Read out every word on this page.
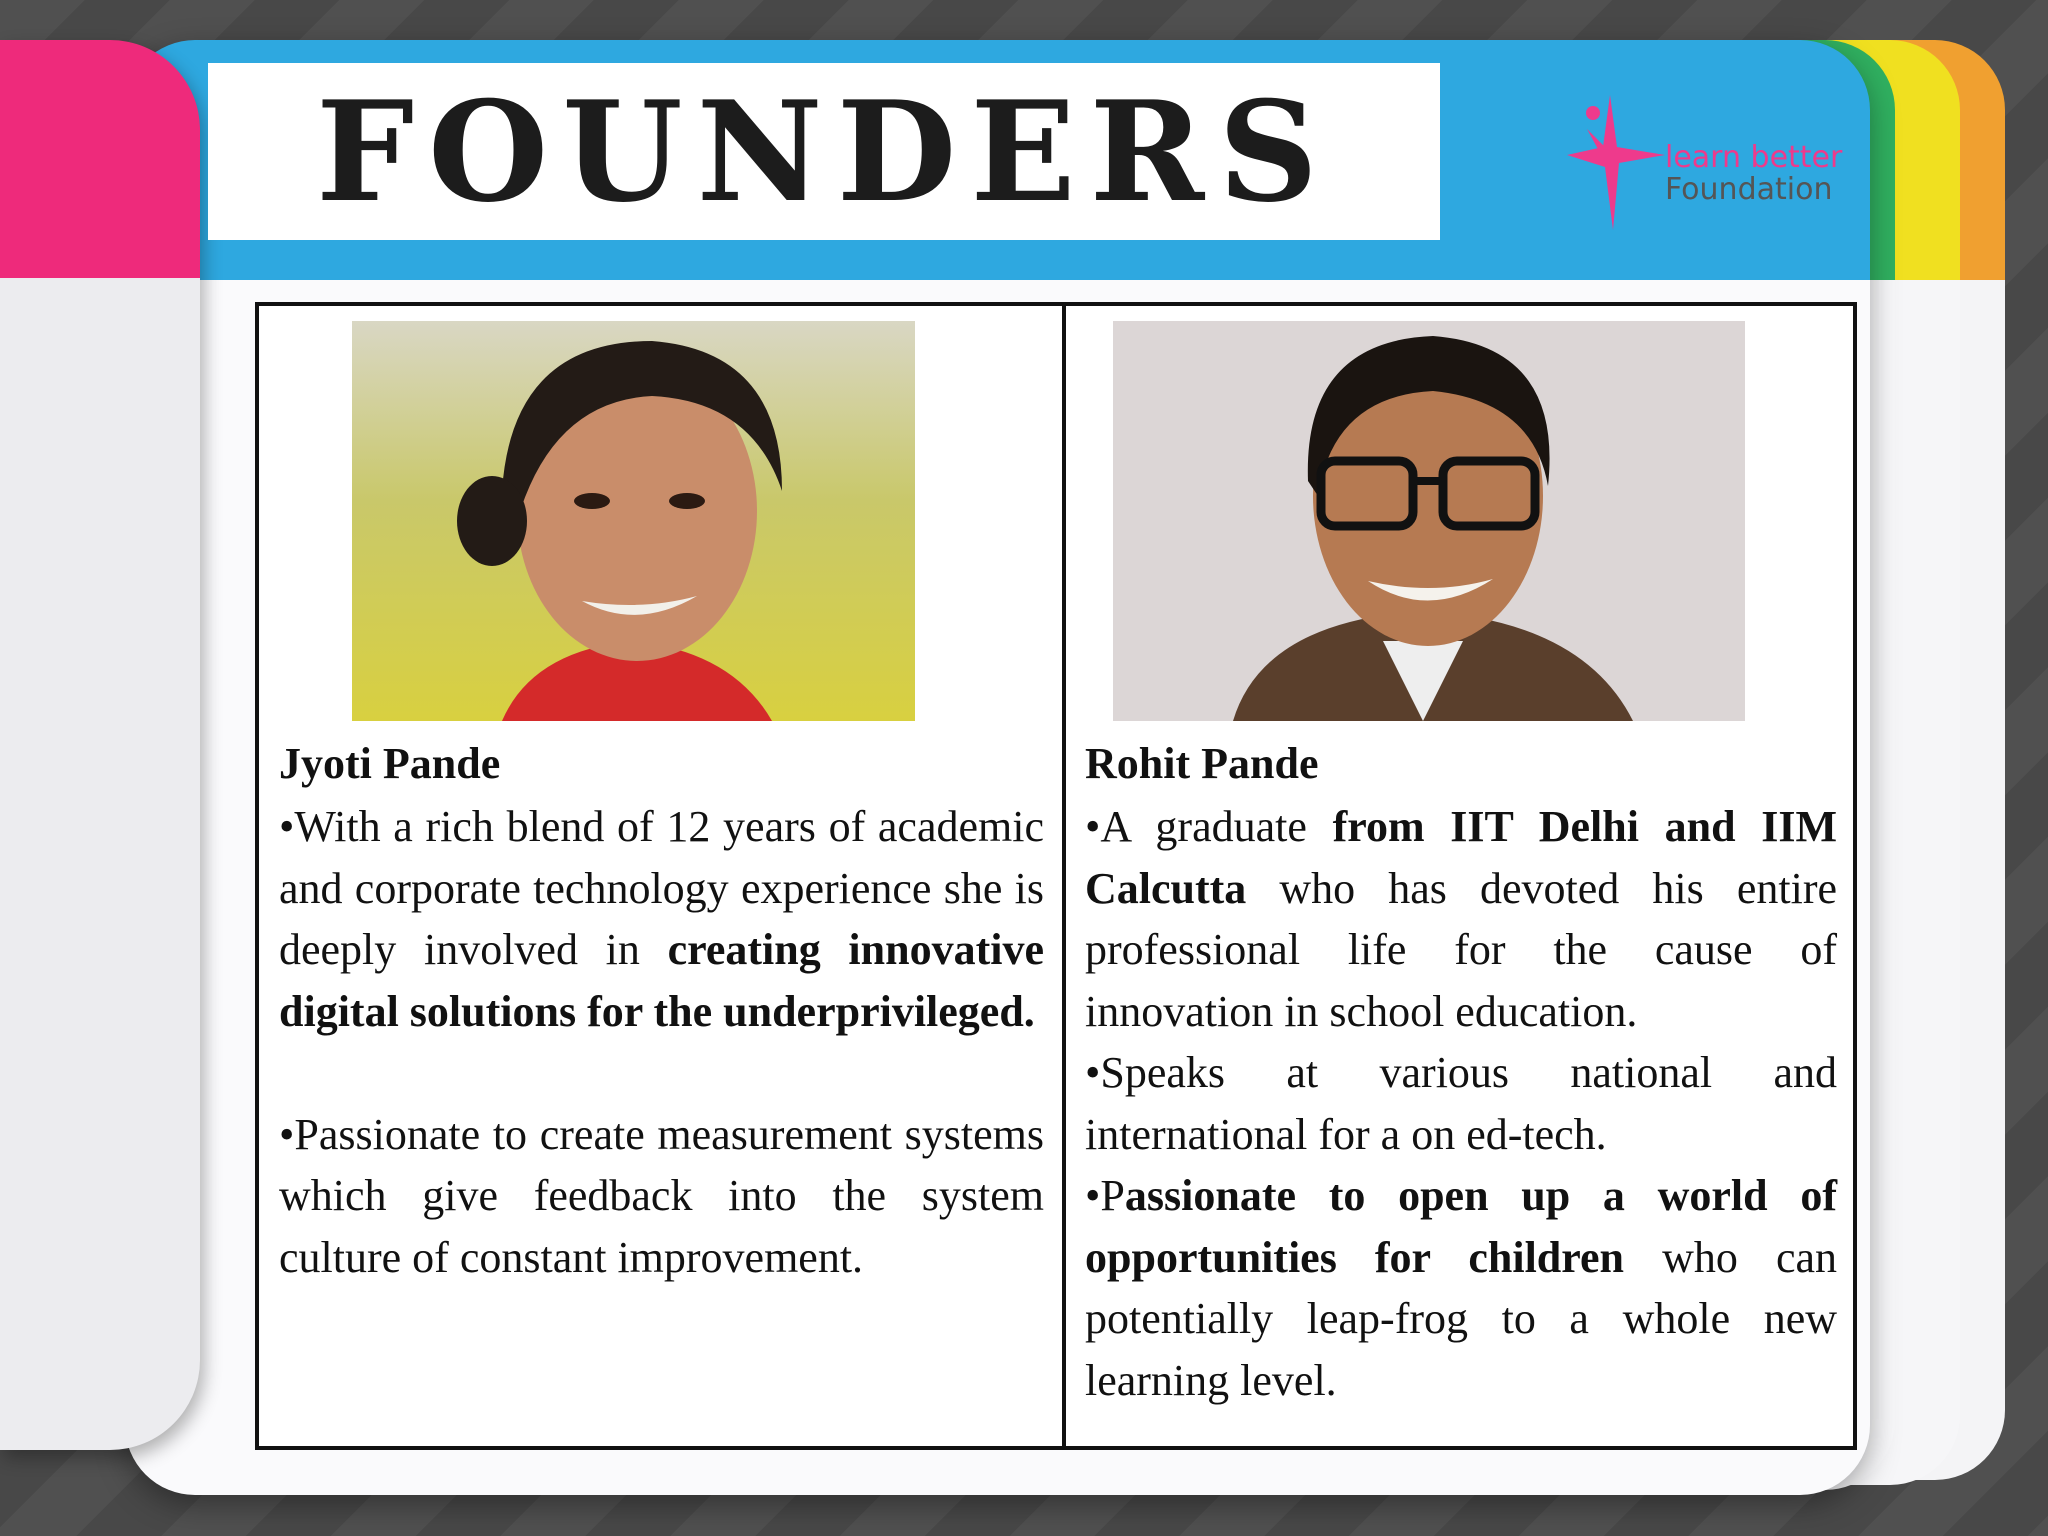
FOUNDERS	learn better
Foundation
Jyoti Pande

•With a rich blend of 12 years of academic and corporate technology experience she is deeply involved in creating innovative digital solutions for the underprivileged.

•Passionate to create measurement systems which give feedback into the system culture of constant improvement.

Rohit Pande

•A graduate from IIT Delhi and IIM Calcutta who has devoted his entire professional life for the cause of innovation in school education.

•Speaks at various national and international for a on ed-tech.

•Passionate to open up a world of opportunities for children who can potentially leap-frog to a whole new learning level.
